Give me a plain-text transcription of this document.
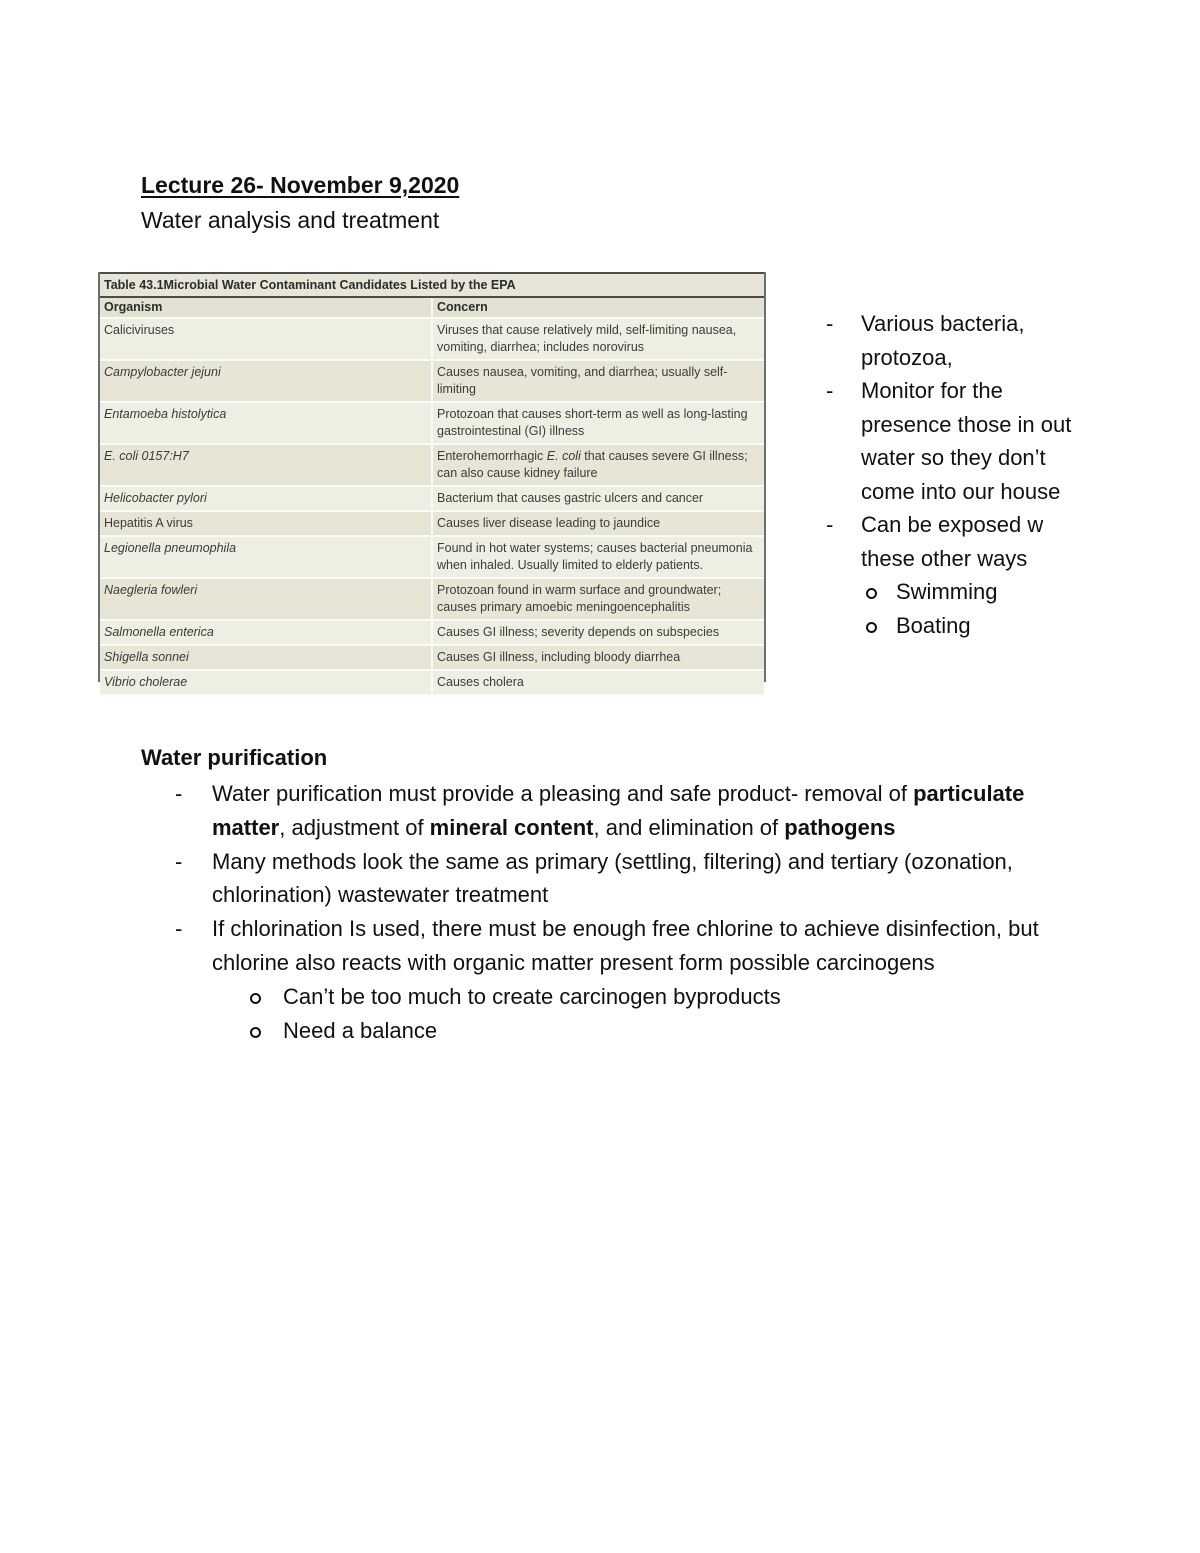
Lecture 26- November 9,2020
Water analysis and treatment
Table 43.1Microbial Water Contaminant Candidates Listed by the EPA
Organism	Concern
Caliciviruses	Viruses that cause relatively mild, self-limiting nausea, vomiting, diarrhea; includes norovirus
Campylobacter jejuni	Causes nausea, vomiting, and diarrhea; usually self-limiting
Entamoeba histolytica	Protozoan that causes short-term as well as long-lasting gastrointestinal (GI) illness
E. coli 0157:H7	Enterohemorrhagic E. coli that causes severe GI illness; can also cause kidney failure
Helicobacter pylori	Bacterium that causes gastric ulcers and cancer
Hepatitis A virus	Causes liver disease leading to jaundice
Legionella pneumophila	Found in hot water systems; causes bacterial pneumonia when inhaled. Usually limited to elderly patients.
Naegleria fowleri	Protozoan found in warm surface and groundwater; causes primary amoebic meningoencephalitis
Salmonella enterica	Causes GI illness; severity depends on subspecies
Shigella sonnei	Causes GI illness, including bloody diarrhea
Vibrio cholerae	Causes cholera
- Various bacteria, protozoa,
- Monitor for the presence those in out water so they don’t come into our house
- Can be exposed w these other ways
Swimming
Boating
Water purification
- Water purification must provide a pleasing and safe product- removal of particulate matter, adjustment of mineral content, and elimination of pathogens
- Many methods look the same as primary (settling, filtering) and tertiary (ozonation, chlorination) wastewater treatment
- If chlorination Is used, there must be enough free chlorine to achieve disinfection, but chlorine also reacts with organic matter present form possible carcinogens
Can’t be too much to create carcinogen byproducts
Need a balance
